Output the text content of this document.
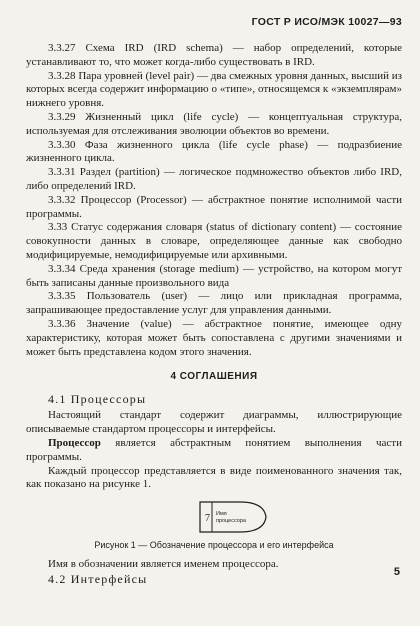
ГОСТ Р ИСО/МЭК 10027—93

3.3.27 Схема IRD (IRD schema) — набор определений, которые устанавливают то, что может когда-либо существовать в IRD.

3.3.28 Пара уровней (level pair) — два смежных уровня данных, высший из которых всегда содержит информацию о «типе», относящемся к «экземплярам» нижнего уровня.

3.3.29 Жизненный цикл (life cycle) — концептуальная структура, используемая для отслеживания эволюции объектов во времени.

3.3.30 Фаза жизненного цикла (life cycle phase) — подразбиение жизненного цикла.

3.3.31 Раздел (partition) — логическое подмножество объектов либо IRD, либо определений IRD.

3.3.32 Процессор (Processor) — абстрактное понятие исполнимой части программы.

3.33 Статус содержания словаря (status of dictionary content) — состояние совокупности данных в словаре, определяющее данные как свободно модифицируемые, немодифицируемые или архивными.

3.3.34 Среда хранения (storage medium) — устройство, на котором могут быть записаны данные произвольного вида

3.3.35 Пользователь (user) — лицо или прикладная программа, запрашивающее предоставление услуг для управления данными.

3.3.36 Значение (value) — абстрактное понятие, имеющее одну характеристику, которая может быть сопоставлена с другими значениями и может быть представлена кодом этого значения.

4 СОГЛАШЕНИЯ

4.1 Процессоры

Настоящий стандарт содержит диаграммы, иллюстрирующие описываемые стандартом процессоры и интерфейсы.

Процессор является абстрактным понятием выполнения части программы.

Каждый процессор представляется в виде поименованного значения так, как показано на рисунке 1.

7 Имя
процессора
Рисунок 1 — Обозначение процессора и его интерфейса

Имя в обозначении является именем процессора.

4.2 Интерфейсы	5
